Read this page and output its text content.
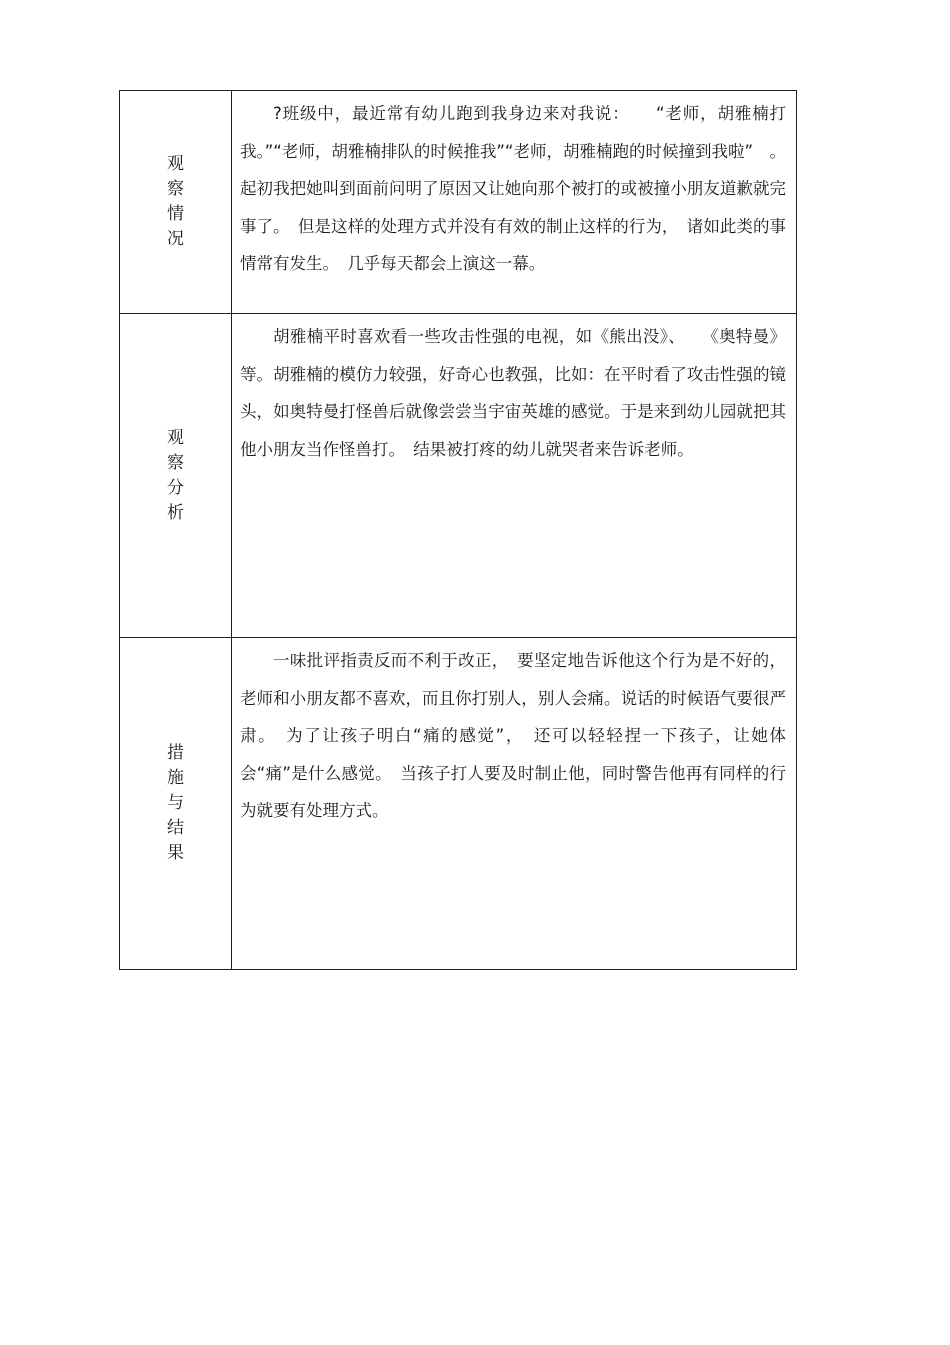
观
察
情
况	?班级中，最近常有幼儿跑到我身边来对我说：　　“老师，胡雅楠打我。”“老师，胡雅楠排队的时候推我”“老师，胡雅楠跑的时候撞到我啦”　。起初我把她叫到面前问明了原因又让她向那个被打的或被撞小朋友道歉就完事了。　但是这样的处理方式并没有有效的制止这样的行为，　诸如此类的事情常有发生。　几乎每天都会上演这一幕。

观
察
分
析	胡雅楠平时喜欢看一些攻击性强的电视，如《熊出没》、　　《奥特曼》等。胡雅楠的模仿力较强，好奇心也教强，比如：在平时看了攻击性强的镜头，如奥特曼打怪兽后就像尝尝当宇宙英雄的感觉。于是来到幼儿园就把其他小朋友当作怪兽打。　结果被打疼的幼儿就哭者来告诉老师。

措
施
与
结
果	一味批评指责反而不利于改正，　要坚定地告诉他这个行为是不好的，老师和小朋友都不喜欢，而且你打别人，别人会痛。说话的时候语气要很严肃。　为了让孩子明白“痛的感觉”，　还可以轻轻捏一下孩子，让她体会“痛”是什么感觉。　当孩子打人要及时制止他，同时警告他再有同样的行为就要有处理方式。
